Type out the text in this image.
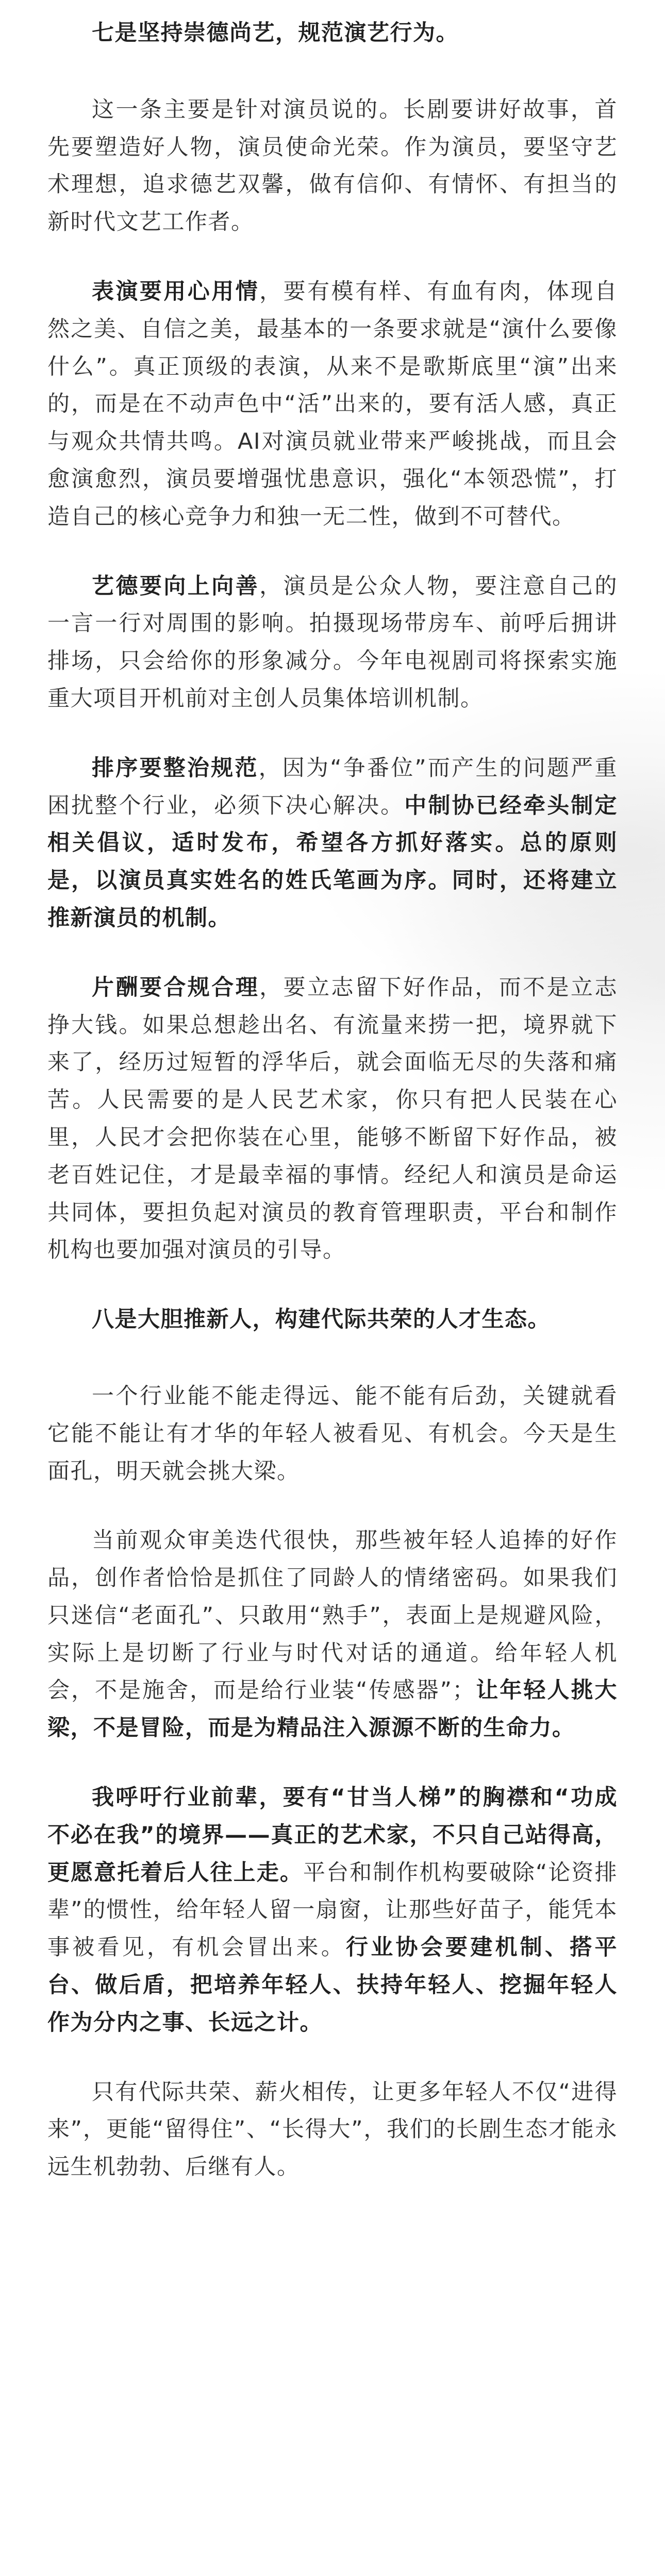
七是坚持崇德尚艺，规范演艺行为。

这一条主要是针对演员说的。长剧要讲好故事，首先要塑造好人物，演员使命光荣。作为演员，要坚守艺术理想，追求德艺双馨，做有信仰、有情怀、有担当的新时代文艺工作者。

表演要用心用情，要有模有样、有血有肉，体现自然之美、自信之美，最基本的一条要求就是“演什么要像什么”。真正顶级的表演，从来不是歌斯底里“演”出来的，而是在不动声色中“活”出来的，要有活人感，真正与观众共情共鸣。AI对演员就业带来严峻挑战，而且会愈演愈烈，演员要增强忧患意识，强化“本领恐慌”，打造自己的核心竞争力和独一无二性，做到不可替代。

艺德要向上向善，演员是公众人物，要注意自己的一言一行对周围的影响。拍摄现场带房车、前呼后拥讲排场，只会给你的形象减分。今年电视剧司将探索实施重大项目开机前对主创人员集体培训机制。

排序要整治规范，因为“争番位”而产生的问题严重困扰整个行业，必须下决心解决。中制协已经牵头制定相关倡议，适时发布，希望各方抓好落实。总的原则是，以演员真实姓名的姓氏笔画为序。同时，还将建立推新演员的机制。

片酬要合规合理，要立志留下好作品，而不是立志挣大钱。如果总想趁出名、有流量来捞一把，境界就下来了，经历过短暂的浮华后，就会面临无尽的失落和痛苦。人民需要的是人民艺术家，你只有把人民装在心里，人民才会把你装在心里，能够不断留下好作品，被老百姓记住，才是最幸福的事情。经纪人和演员是命运共同体，要担负起对演员的教育管理职责，平台和制作机构也要加强对演员的引导。

八是大胆推新人，构建代际共荣的人才生态。

一个行业能不能走得远、能不能有后劲，关键就看它能不能让有才华的年轻人被看见、有机会。今天是生面孔，明天就会挑大梁。

当前观众审美迭代很快，那些被年轻人追捧的好作品，创作者恰恰是抓住了同龄人的情绪密码。如果我们只迷信“老面孔”、只敢用“熟手”，表面上是规避风险，实际上是切断了行业与时代对话的通道。给年轻人机会，不是施舍，而是给行业装“传感器”；让年轻人挑大梁，不是冒险，而是为精品注入源源不断的生命力。

我呼吁行业前辈，要有“甘当人梯”的胸襟和“功成不必在我”的境界——真正的艺术家，不只自己站得高，更愿意托着后人往上走。平台和制作机构要破除“论资排辈”的惯性，给年轻人留一扇窗，让那些好苗子，能凭本事被看见，有机会冒出来。行业协会要建机制、搭平台、做后盾，把培养年轻人、扶持年轻人、挖掘年轻人作为分内之事、长远之计。

只有代际共荣、薪火相传，让更多年轻人不仅“进得来”，更能“留得住”、“长得大”，我们的长剧生态才能永远生机勃勃、后继有人。
